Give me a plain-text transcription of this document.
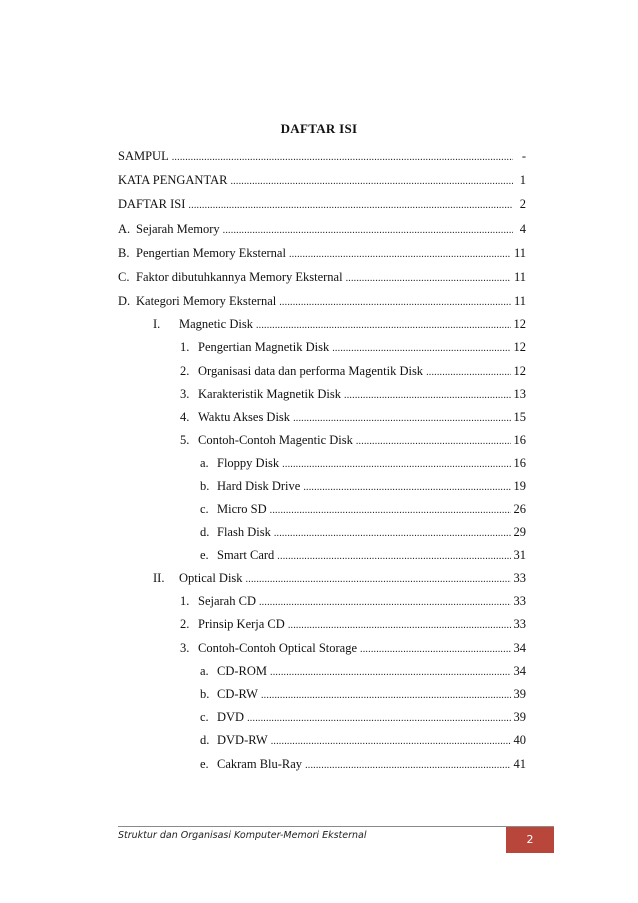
DAFTAR ISI
SAMPUL .....	-
KATA PENGANTAR .....	1
DAFTAR ISI .....	2
A. Sejarah Memory .....	4
B. Pengertian Memory Eksternal .....	11
C. Faktor dibutuhkannya Memory Eksternal .....	11
D. Kategori Memory Eksternal .....	11
I.	Magnetic Disk .....	12
1. Pengertian Magnetik Disk .....	12
2. Organisasi data dan performa Magentik Disk .....	12
3. Karakteristik Magnetik Disk .....	13
4. Waktu Akses Disk .....	15
5. Contoh-Contoh Magentic Disk .....	16
a. Floppy Disk .....	16
b. Hard Disk Drive .....	19
c. Micro SD .....	26
d. Flash Disk .....	29
e. Smart Card .....	31
II.	Optical Disk .....	33
1. Sejarah CD .....	33
2. Prinsip Kerja CD .....	33
3. Contoh-Contoh Optical Storage .....	34
a. CD-ROM .....	34
b. CD-RW .....	39
c. DVD .....	39
d. DVD-RW .....	40
e. Cakram Blu-Ray .....	41
Struktur dan Organisasi Komputer-Memori Eksternal	2
